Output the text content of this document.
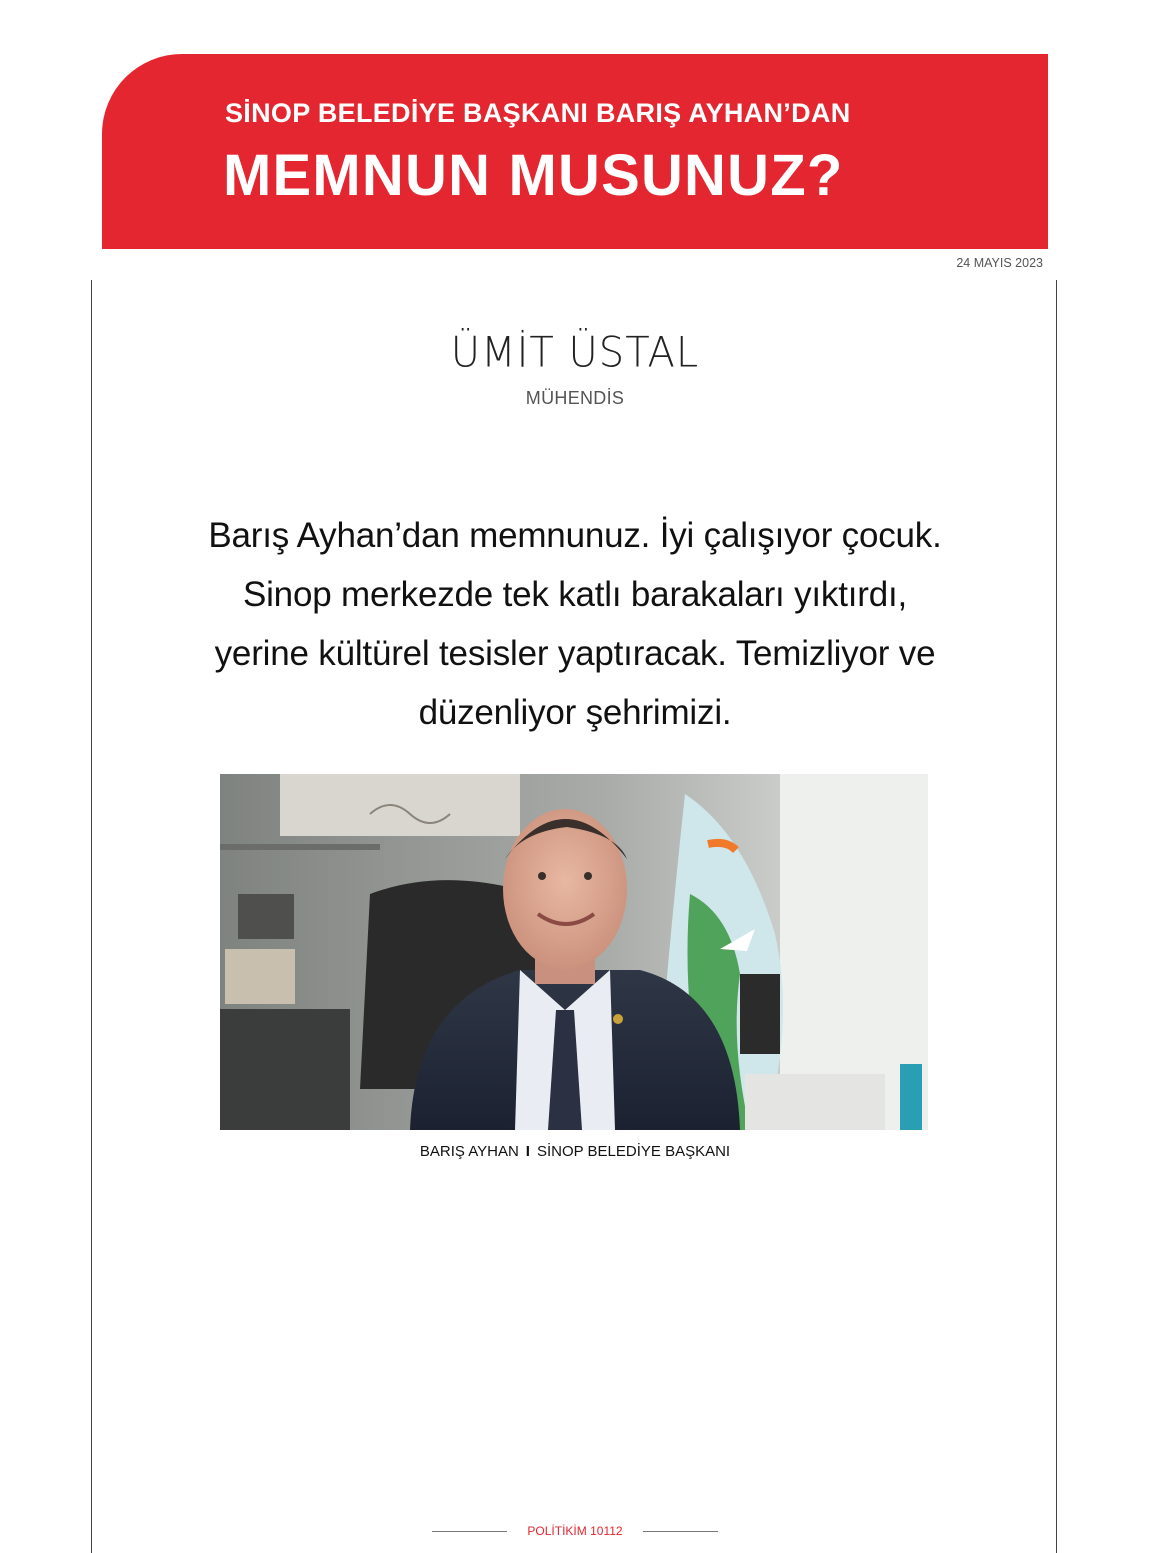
SİNOP BELEDİYE BAŞKANI BARIŞ AYHAN’DAN
MEMNUN MUSUNUZ?
24 MAYIS 2023
ÜMİT ÜSTAL
MÜHENDİS
Barış Ayhan’dan memnunuz. İyi çalışıyor çocuk.
Sinop merkezde tek katlı barakaları yıktırdı,
yerine kültürel tesisler yaptıracak. Temizliyor ve
düzenliyor şehrimizi.
BARIŞ AYHAN I SİNOP BELEDİYE BAŞKANI
POLİTİKİM 10112
